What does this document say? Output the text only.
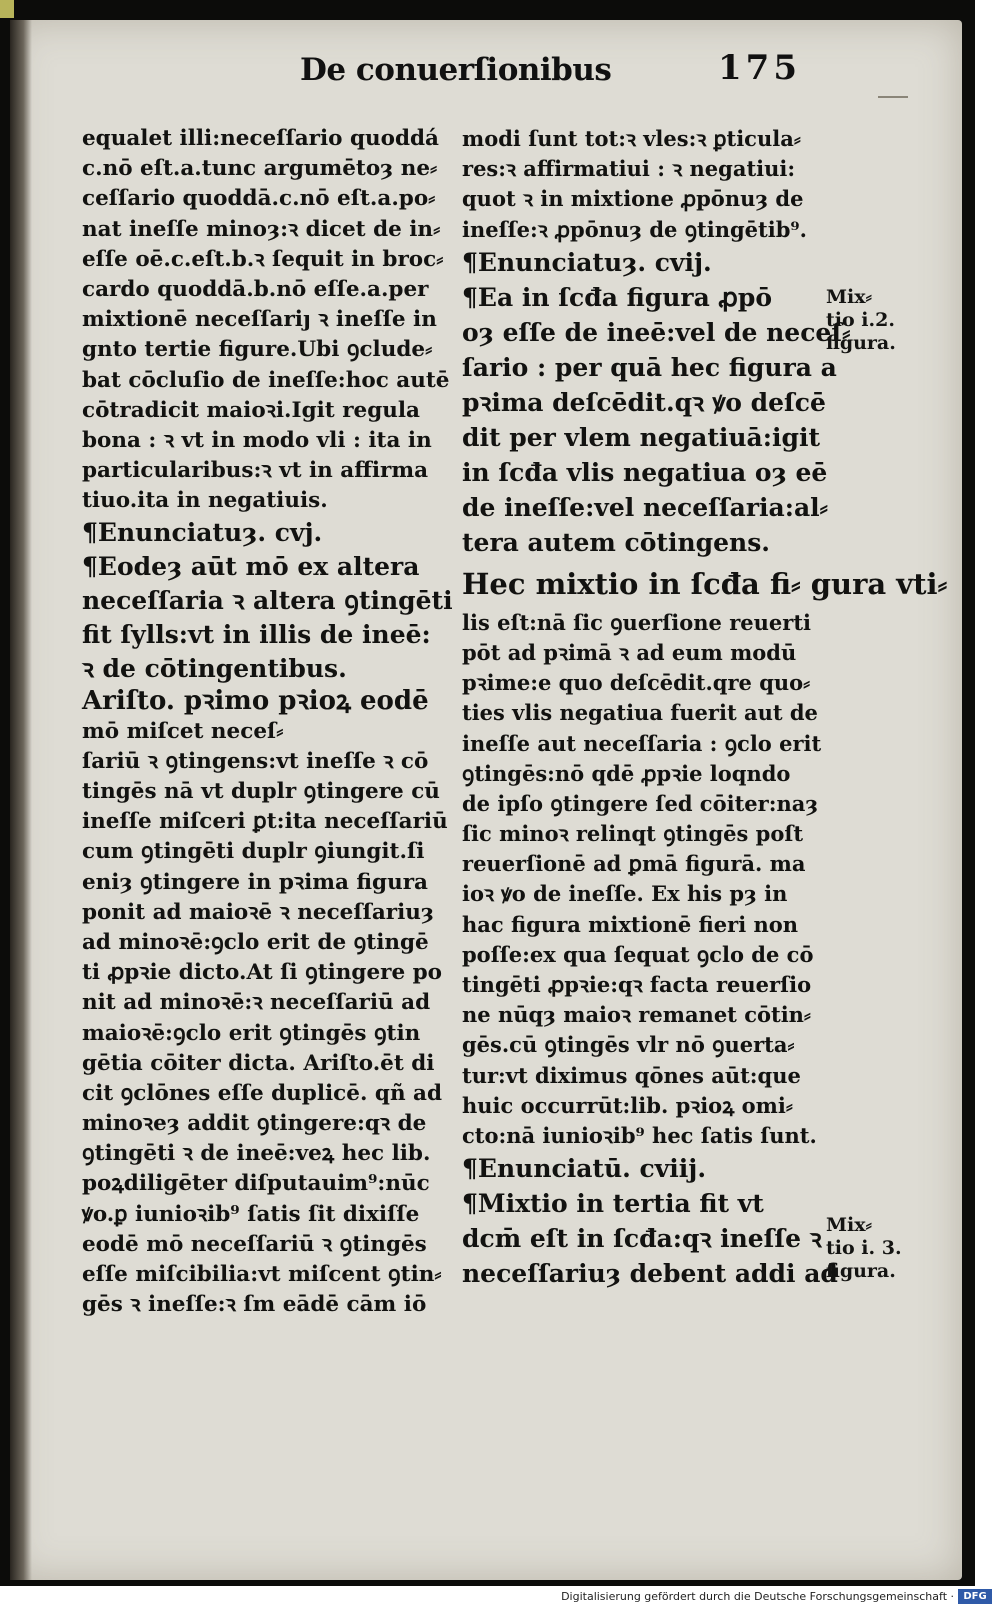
De conuerſionibus	175
equalet illi:neceſſario quoddá
c.nō eſt.a.tunc argumētoȝ ne⸗
ceſſario quoddā.c.nō eſt.a.po⸗
nat ineſſe minoȝ:ꝛ dicet de in⸗
eſſe oē.c.eſt.b.ꝛ ſequit in broc⸗
cardo quoddā.b.nō eſſe.a.per
mixtionē neceſſariȷ ꝛ ineſſe in
gnto tertie figure.Ubi ꝯclude⸗
bat cōcluſio de ineſſe:hoc autē
cōtradicit maioꝛi.Igit regula
bona : ꝛ vt in modo vli : ita in
particularibus:ꝛ vt in affirma
tiuo.ita in negatiuis.
¶Enunciatuȝ. cvj.
¶Eodeȝ aūt mō ex altera
neceſſaria ꝛ altera ꝯtingēti
fit ſylls:vt in illis de ineē:
ꝛ de cōtingentibus.
Ariſto. pꝛimo pꝛioꝝ eodē
mō miſcet neceſ⸗
ſariū ꝛ ꝯtingens:vt ineſſe ꝛ cō
tingēs nā vt duplr ꝯtingere cū
ineſſe miſceri ꝑt:ita neceſſariū
cum ꝯtingēti duplr ꝯiungit.ſi
eniȝ ꝯtingere in pꝛima figura
ponit ad maioꝛē ꝛ neceſſariuȝ
ad minoꝛē:ꝯclo erit de ꝯtingē
ti ꝓpꝛie dicto.At ſi ꝯtingere po
nit ad minoꝛē:ꝛ neceſſariū ad
maioꝛē:ꝯclo erit ꝯtingēs ꝯtin
gētia cōiter dicta. Ariſto.ēt di
cit ꝯclōnes eſſe duplicē. qñ ad
minoꝛeȝ addit ꝯtingere:qꝛ de
ꝯtingēti ꝛ de ineē:veꝝ hec lib.
poꝝdiligēter diſputauim⁹:nūc
ꝟo.ꝑ iunioꝛib⁹ ſatis ſit dixiſſe
eodē mō neceſſariū ꝛ ꝯtingēs
eſſe miſcibilia:vt miſcent ꝯtin⸗
gēs ꝛ ineſſe:ꝛ ſm eādē cām iō
modi ſunt tot:ꝛ vles:ꝛ ꝑticula⸗
res:ꝛ affirmatiui : ꝛ negatiui:
quot ꝛ in mixtione ꝓpōnuȝ de
ineſſe:ꝛ ꝓpōnuȝ de ꝯtingētib⁹.
¶Enunciatuȝ. cvij.
¶Ea in ſcđa figura ꝓpō
oȝ eſſe de ineē:vel de neceſ⸗
ſario : per quā hec figura a
pꝛima deſcēdit.qꝛ ꝟo deſcē
dit per vlem negatiuā:igit
in ſcđa vlis negatiua oȝ eē
de ineſſe:vel neceſſaria:al⸗
tera autem cōtingens.
Hec mixtio in ſcđa fi⸗ gura vti⸗
lis eſt:nā ſic ꝯuerſione reuerti
pōt ad pꝛimā ꝛ ad eum modū
pꝛime:e quo deſcēdit.qre quo⸗
ties vlis negatiua fuerit aut de
ineſſe aut neceſſaria : ꝯclo erit
ꝯtingēs:nō qdē ꝓpꝛie loqndo
de ipſo ꝯtingere ſed cōiter:naȝ
ſic minoꝛ relinqt ꝯtingēs poſt
reuerſionē ad ꝑmā figurā. ma
ioꝛ ꝟo de ineſſe. Ex his pȝ in
hac figura mixtionē fieri non
poſſe:ex qua ſequat ꝯclo de cō
tingēti ꝓpꝛie:qꝛ facta reuerſio
ne nūqȝ maioꝛ remanet cōtin⸗
gēs.cū ꝯtingēs vlr nō ꝯuerta⸗
tur:vt diximus qōnes aūt:que
huic occurrūt:lib. pꝛioꝝ omi⸗
cto:nā iunioꝛib⁹ hec ſatis ſunt.
¶Enunciatū. cviij.
¶Mixtio in tertia fit vt
dcm̄ eſt in ſcđa:qꝛ ineſſe ꝛ
neceſſariuȝ debent addi ad
Mix⸗
tio i.2.
figura.
Mix⸗
tio i. 3.
figura.
Digitalisierung gefördert durch die Deutsche Forschungsgemeinschaft · DFG
